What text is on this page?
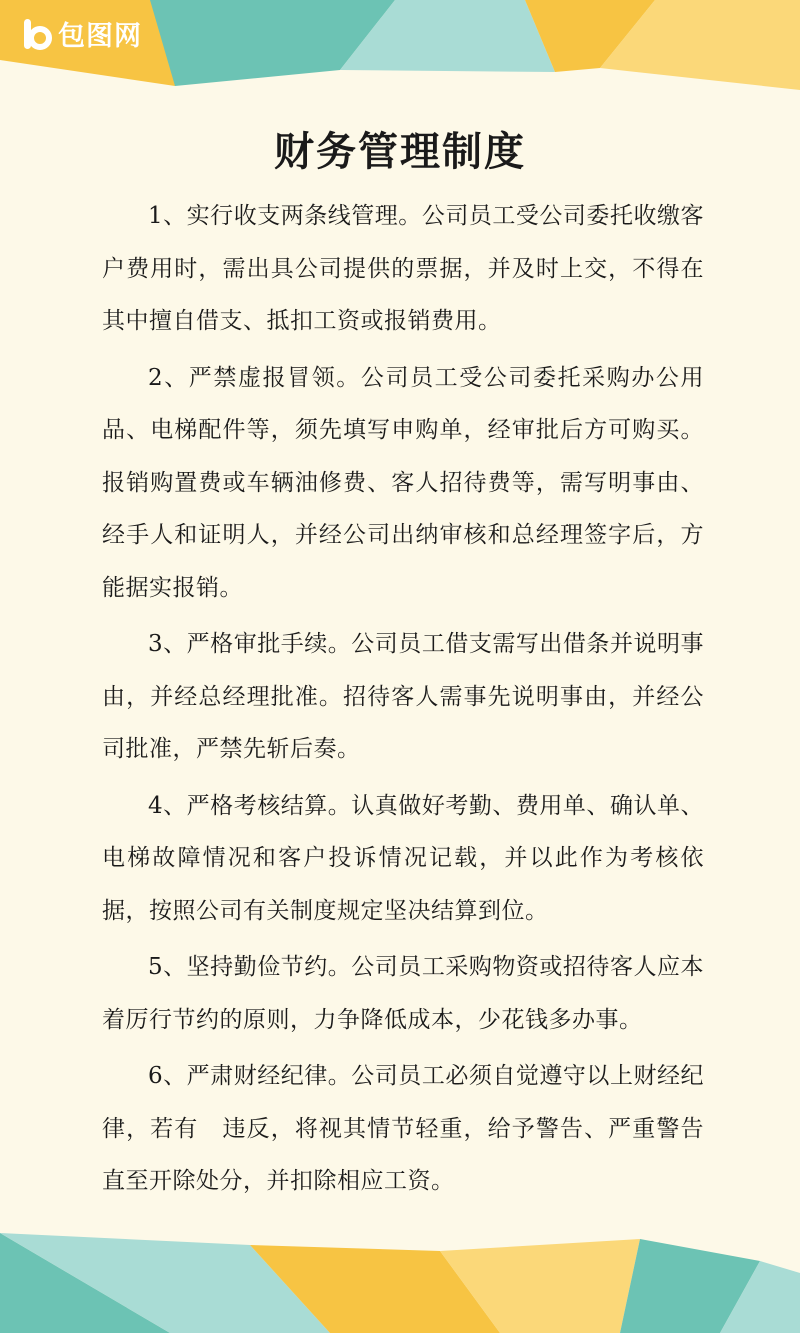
包图网
财务管理制度

1、实行收支两条线管理。公司员工受公司委托收缴客户费用时，需出具公司提供的票据，并及时上交，不得在其中擅自借支、抵扣工资或报销费用。

2、严禁虚报冒领。公司员工受公司委托采购办公用品、电梯配件等，须先填写申购单，经审批后方可购买。报销购置费或车辆油修费、客人招待费等，需写明事由、经手人和证明人，并经公司出纳审核和总经理签字后，方能据实报销。

3、严格审批手续。公司员工借支需写出借条并说明事由，并经总经理批准。招待客人需事先说明事由，并经公司批准，严禁先斩后奏。

4、严格考核结算。认真做好考勤、费用单、确认单、电梯故障情况和客户投诉情况记载，并以此作为考核依据，按照公司有关制度规定坚决结算到位。

5、坚持勤俭节约。公司员工采购物资或招待客人应本着厉行节约的原则，力争降低成本，少花钱多办事。

6、严肃财经纪律。公司员工必须自觉遵守以上财经纪律，若有　违反，将视其情节轻重，给予警告、严重警告直至开除处分，并扣除相应工资。
